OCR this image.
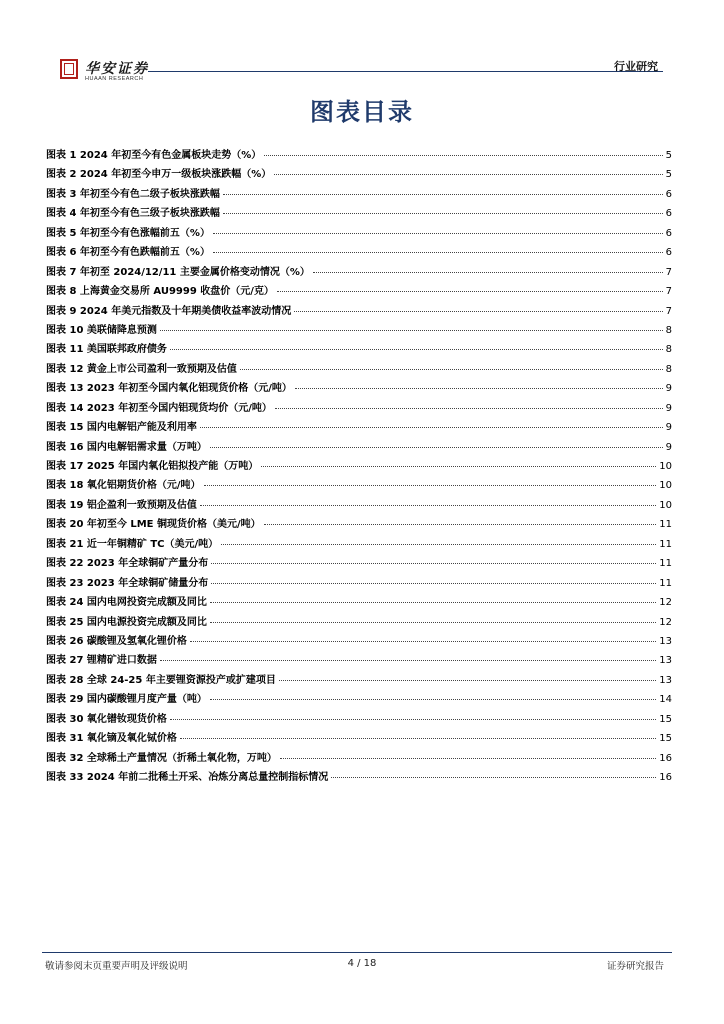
华安证券
HUAAN RESEARCH
行业研究
图表目录
图表 1 2024 年初至今有色金属板块走势（%）	5
图表 2 2024 年初至今申万一级板块涨跌幅（%）	5
图表 3 年初至今有色二级子板块涨跌幅	6
图表 4 年初至今有色三级子板块涨跌幅	6
图表 5 年初至今有色涨幅前五（%）	6
图表 6 年初至今有色跌幅前五（%）	6
图表 7 年初至 2024/12/11 主要金属价格变动情况（%）	7
图表 8 上海黄金交易所 AU9999 收盘价（元/克）	7
图表 9 2024 年美元指数及十年期美债收益率波动情况	7
图表 10 美联储降息预测	8
图表 11 美国联邦政府债务	8
图表 12 黄金上市公司盈利一致预期及估值	8
图表 13 2023 年初至今国内氧化铝现货价格（元/吨）	9
图表 14 2023 年初至今国内铝现货均价（元/吨）	9
图表 15 国内电解铝产能及利用率	9
图表 16 国内电解铝需求量（万吨）	9
图表 17 2025 年国内氧化铝拟投产能（万吨）	10
图表 18 氧化铝期货价格（元/吨）	10
图表 19 铝企盈利一致预期及估值	10
图表 20 年初至今 LME 铜现货价格（美元/吨）	11
图表 21 近一年铜精矿 TC（美元/吨）	11
图表 22 2023 年全球铜矿产量分布	11
图表 23 2023 年全球铜矿储量分布	11
图表 24 国内电网投资完成额及同比	12
图表 25 国内电源投资完成额及同比	12
图表 26 碳酸锂及氢氧化锂价格	13
图表 27 锂精矿进口数据	13
图表 28 全球 24-25 年主要锂资源投产或扩建项目	13
图表 29 国内碳酸锂月度产量（吨）	14
图表 30 氧化镨钕现货价格	15
图表 31 氧化镝及氧化铽价格	15
图表 32 全球稀土产量情况（折稀土氧化物，万吨）	16
图表 33 2024 年前二批稀土开采、冶炼分离总量控制指标情况	16
敬请参阅末页重要声明及评级说明	4 / 18	证券研究报告
